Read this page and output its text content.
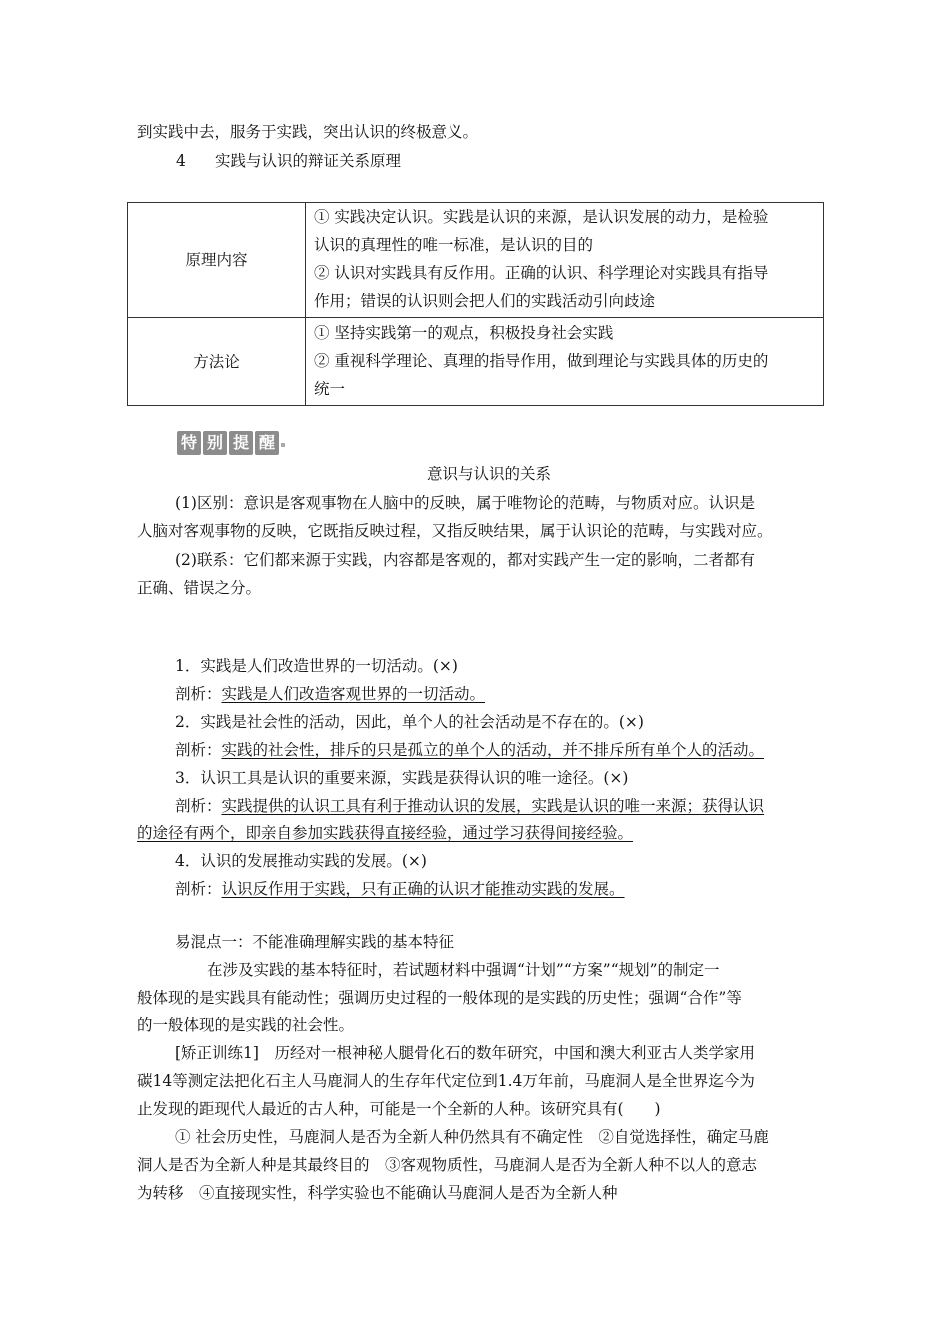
到实践中去，服务于实践，突出认识的终极意义。
4 实践与认识的辩证关系原理
原理内容	① 实践决定认识。实践是认识的来源，是认识发展的动力，是检验
认识的真理性的唯一标准，是认识的目的
② 认识对实践具有反作用。正确的认识、科学理论对实践具有指导
作用；错误的认识则会把人们的实践活动引向歧途

方法论	① 坚持实践第一的观点，积极投身社会实践
② 重视科学理论、真理的指导作用，做到理论与实践具体的历史的
统一
特 别 提 醒
意识与认识的关系
(1)区别：意识是客观事物在人脑中的反映，属于唯物论的范畴，与物质对应。认识是
人脑对客观事物的反映，它既指反映过程，又指反映结果，属于认识论的范畴，与实践对应。
(2)联系：它们都来源于实践，内容都是客观的，都对实践产生一定的影响，二者都有
正确、错误之分。
1．实践是人们改造世界的一切活动。(×)
剖析：实践是人们改造客观世界的一切活动。
2．实践是社会性的活动，因此，单个人的社会活动是不存在的。(×)
剖析：实践的社会性，排斥的只是孤立的单个人的活动，并不排斥所有单个人的活动。
3．认识工具是认识的重要来源，实践是获得认识的唯一途径。(×)
剖析：实践提供的认识工具有利于推动认识的发展，实践是认识的唯一来源；获得认识
的途径有两个，即亲自参加实践获得直接经验，通过学习获得间接经验。
4．认识的发展推动实践的发展。(×)
剖析：认识反作用于实践，只有正确的认识才能推动实践的发展。
易混点一：不能准确理解实践的基本特征
在涉及实践的基本特征时，若试题材料中强调“计划”“方案”“规划”的制定一
般体现的是实践具有能动性；强调历史过程的一般体现的是实践的历史性；强调“合作”等
的一般体现的是实践的社会性。
[矫正训练1]　历经对一根神秘人腿骨化石的数年研究，中国和澳大利亚古人类学家用
碳14等测定法把化石主人马鹿洞人的生存年代定位到1.4万年前，马鹿洞人是全世界迄今为
止发现的距现代人最近的古人种，可能是一个全新的人种。该研究具有(　　)
① 社会历史性，马鹿洞人是否为全新人种仍然具有不确定性　②自觉选择性，确定马鹿
洞人是否为全新人种是其最终目的　③客观物质性，马鹿洞人是否为全新人种不以人的意志
为转移　④直接现实性，科学实验也不能确认马鹿洞人是否为全新人种
